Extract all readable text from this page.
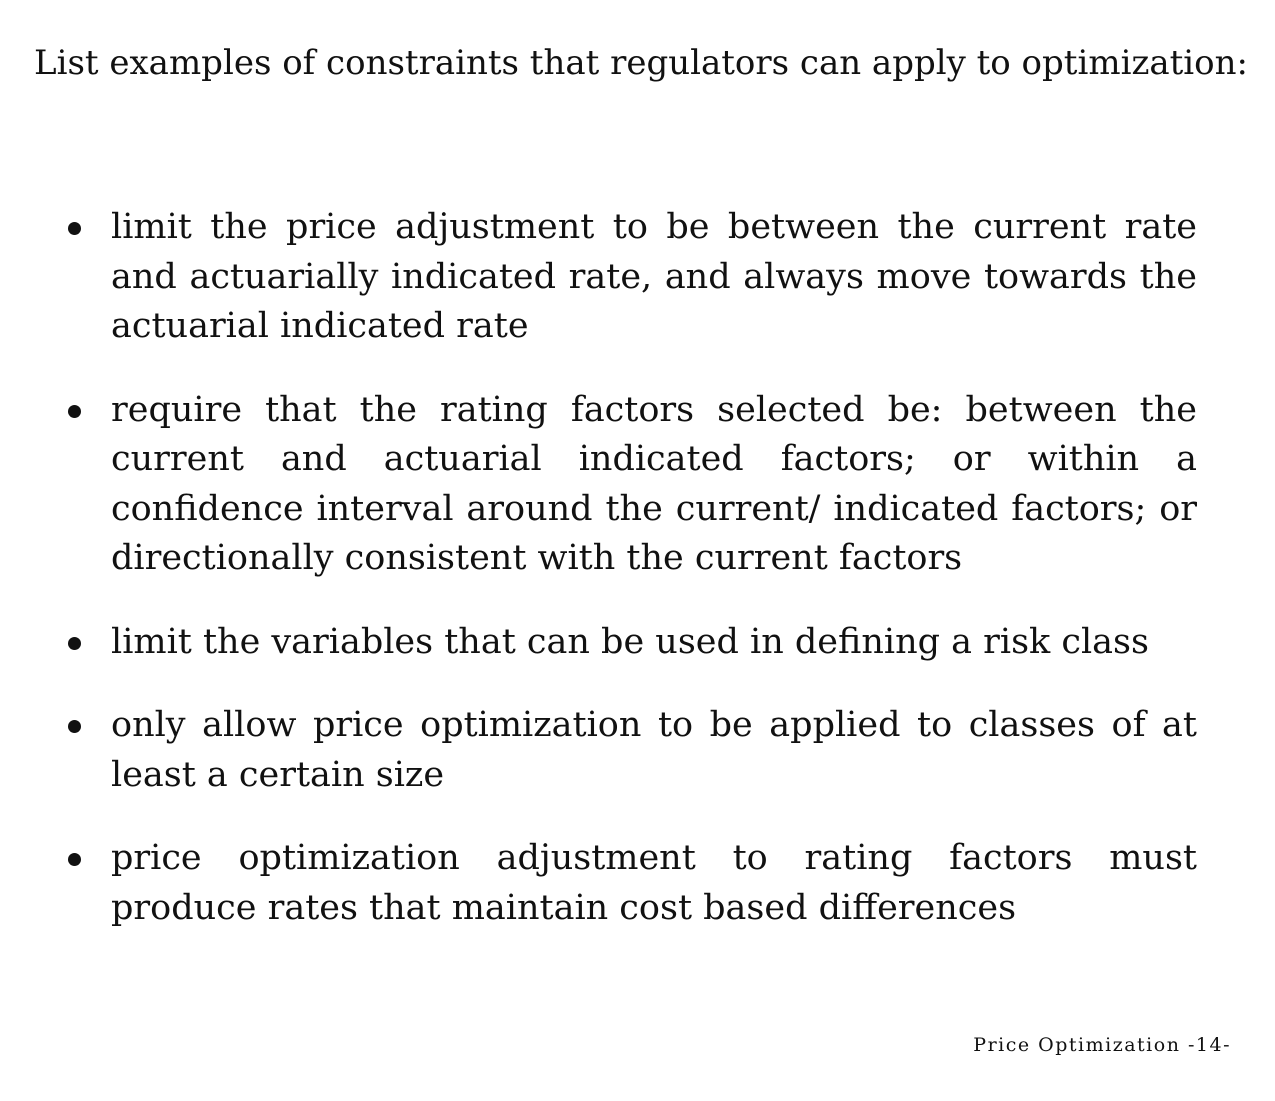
List examples of constraints that regulators can apply to optimization:
limit the price adjustment to be between the current rate and actuarially indicated rate, and always move towards the actuarial indicated rate
require that the rating factors selected be: between the current and actuarial indicated factors; or within a confidence interval around the current/ indicated factors; or directionally consistent with the current factors
limit the variables that can be used in defining a risk class
only allow price optimization to be applied to classes of at least a certain size
price optimization adjustment to rating factors must produce rates that maintain cost based differences
Price Optimization -14-
